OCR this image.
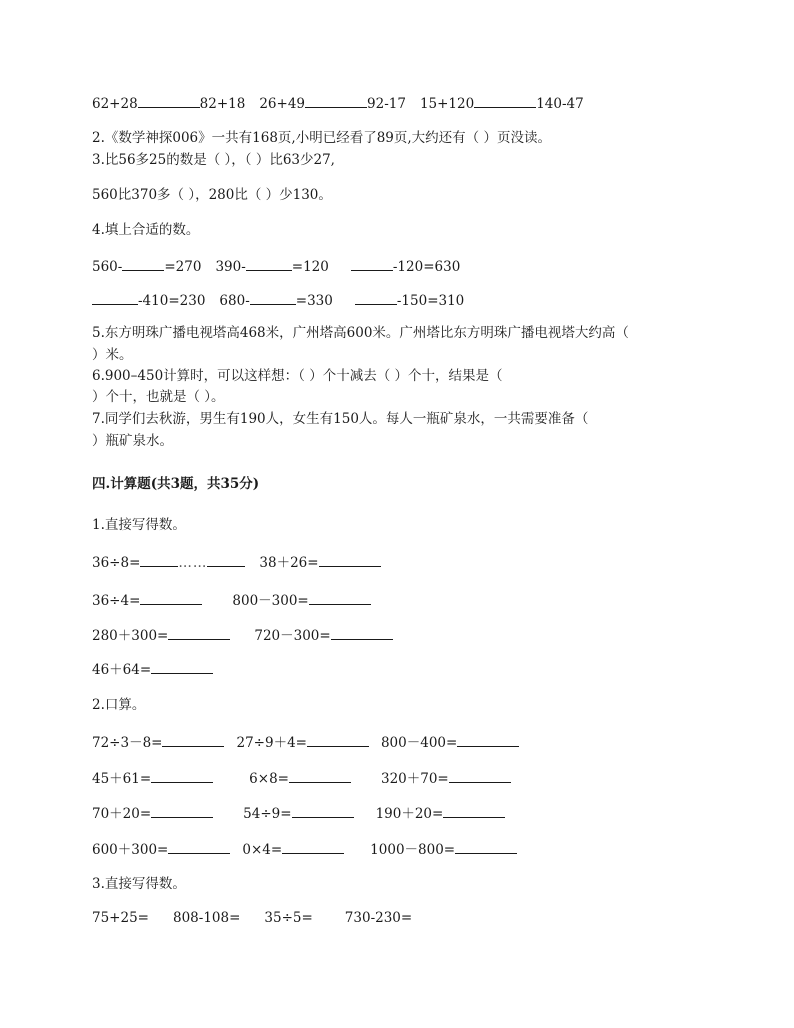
62+28	82+18 26+49	92-17 15+120	140-47
2.《数学神探006》一共有168页,小明已经看了89页,大约还有（ ）页没读。
3.比56多25的数是（ ），（ ）比63少27,
560比370多（ ），280比（ ）少130。
4.填上合适的数。
560-	=270 390-	=120	-120=630
-410=230 680-	=330	-150=310
5.东方明珠广播电视塔高468米，广州塔高600米。广州塔比东方明珠广播电视塔大约高（
）米。
6.900–450计算时，可以这样想：（ ）个十减去（ ）个十，结果是（
）个十，也就是（ ）。
7.同学们去秋游，男生有190人，女生有150人。每人一瓶矿泉水，一共需要准备（
）瓶矿泉水。
四.计算题(共3题，共35分)
1.直接写得数。
36÷8=	……	38＋26=
36÷4=	800－300=
280＋300=	720－300=
46＋64=
2.口算。
72÷3－8=	27÷9＋4=	800－400=
45＋61=	6×8=	320＋70=
70＋20=	54÷9=	190＋20=
600＋300=	0×4=	1000－800=
3.直接写得数。
75+25= 808-108= 35÷5= 730-230=
